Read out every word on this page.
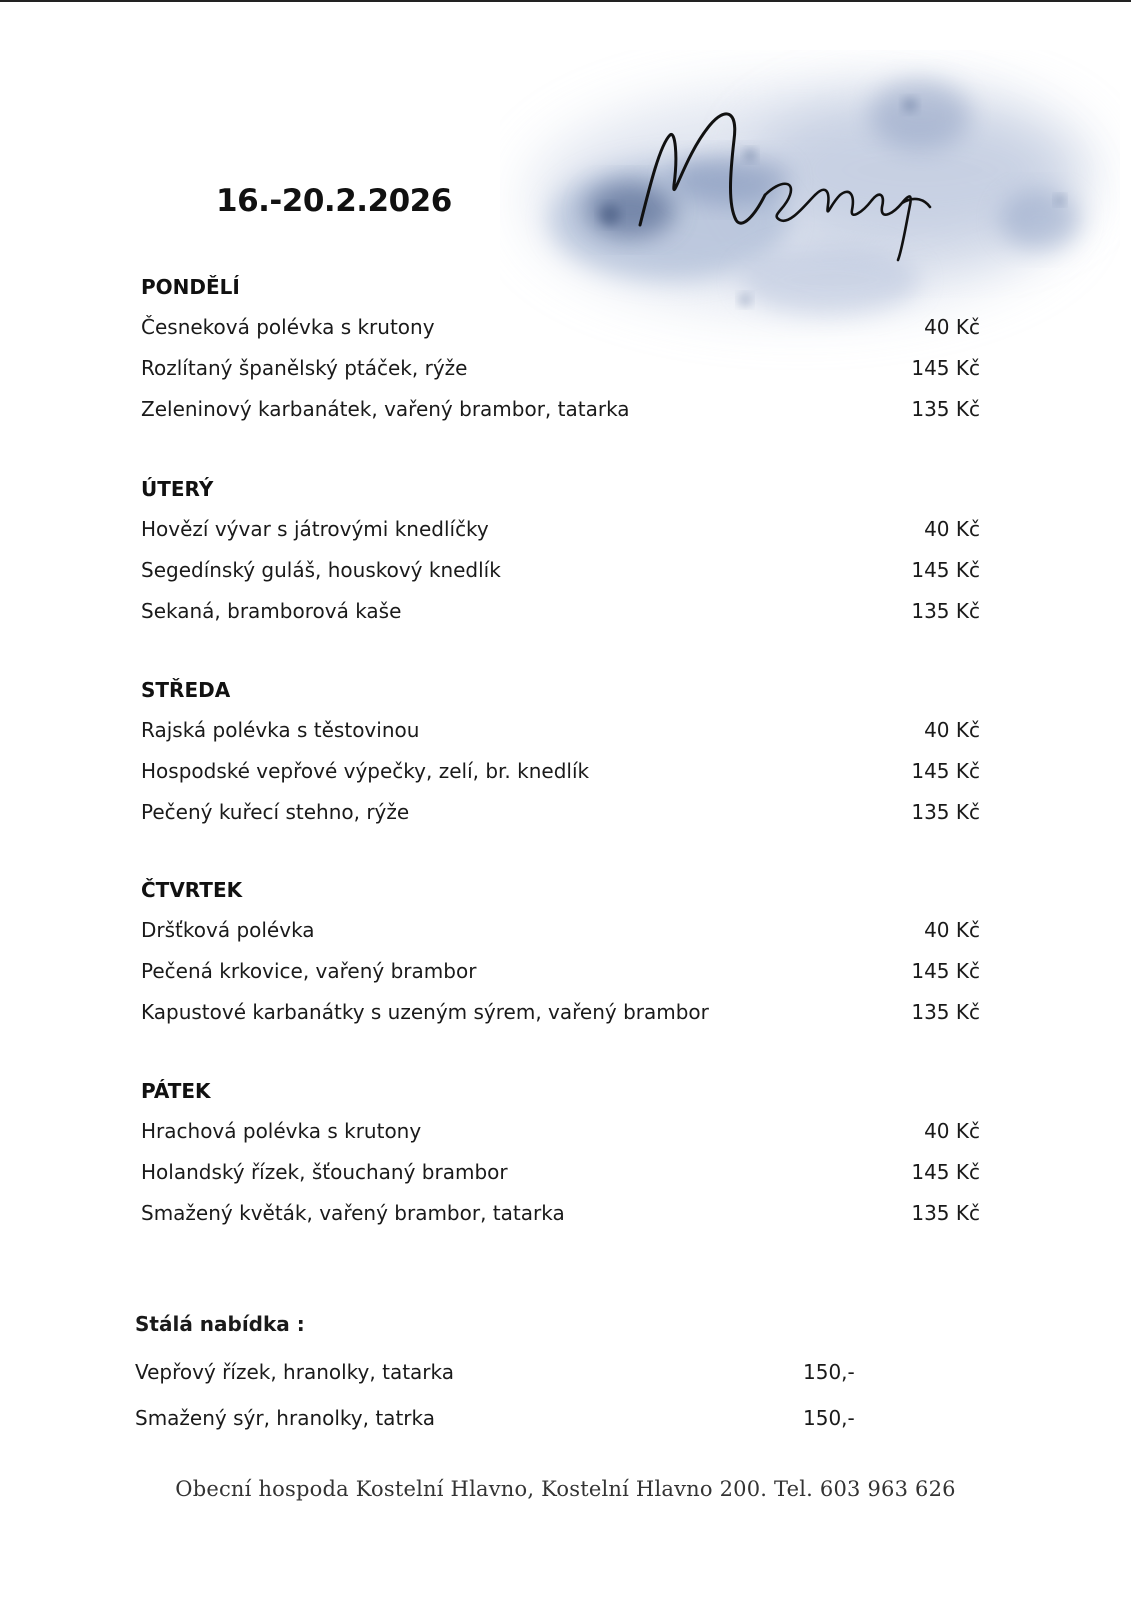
16.-20.2.2026
PONDĚLÍ
Česneková polévka s krutony	40 Kč
Rozlítaný španělský ptáček, rýže	145 Kč
Zeleninový karbanátek, vařený brambor, tatarka	135 Kč
ÚTERÝ
Hovězí vývar s játrovými knedlíčky	40 Kč
Segedínský guláš, houskový knedlík	145 Kč
Sekaná, bramborová kaše	135 Kč
STŘEDA
Rajská polévka s těstovinou	40 Kč
Hospodské vepřové výpečky, zelí, br. knedlík	145 Kč
Pečený kuřecí stehno, rýže	135 Kč
ČTVRTEK
Dršťková polévka	40 Kč
Pečená krkovice, vařený brambor	145 Kč
Kapustové karbanátky s uzeným sýrem, vařený brambor	135 Kč
PÁTEK
Hrachová polévka s krutony	40 Kč
Holandský řízek, šťouchaný brambor	145 Kč
Smažený květák, vařený brambor, tatarka	135 Kč
Stálá nabídka :
Vepřový řízek, hranolky, tatarka	150,-
Smažený sýr, hranolky, tatrka	150,-
Obecní hospoda Kostelní Hlavno, Kostelní Hlavno 200. Tel. 603 963 626
